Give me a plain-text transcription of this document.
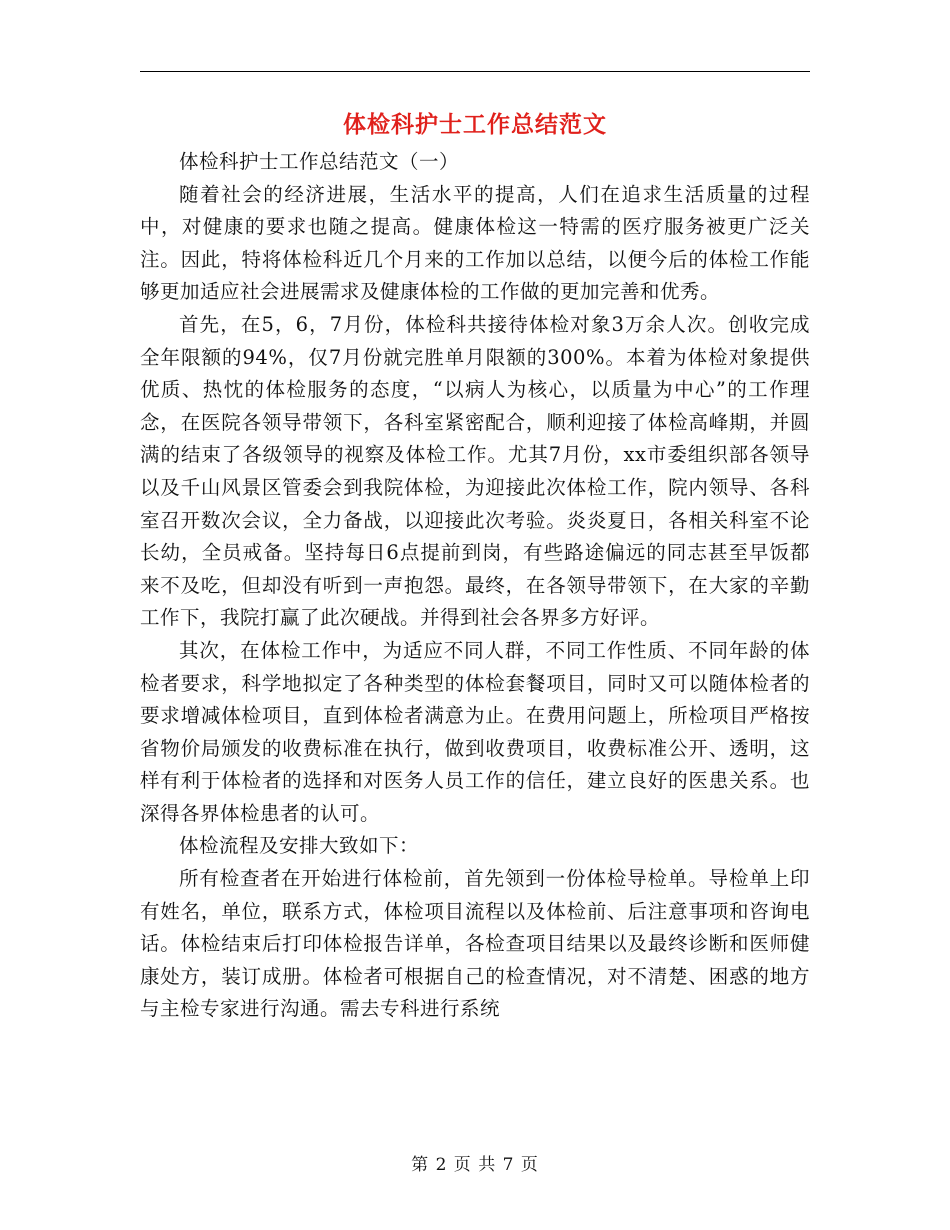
体检科护士工作总结范文

体检科护士工作总结范文（一）

随着社会的经济进展，生活水平的提高，人们在追求生活质量的过程中，对健康的要求也随之提高。健康体检这一特需的医疗服务被更广泛关注。因此，特将体检科近几个月来的工作加以总结，以便今后的体检工作能够更加适应社会进展需求及健康体检的工作做的更加完善和优秀。

首先，在5，6，7月份，体检科共接待体检对象3万余人次。创收完成全年限额的94%，仅7月份就完胜单月限额的300%。本着为体检对象提供优质、热忱的体检服务的态度，“以病人为核心，以质量为中心”的工作理念，在医院各领导带领下，各科室紧密配合，顺利迎接了体检高峰期，并圆满的结束了各级领导的视察及体检工作。尤其7月份，xx市委组织部各领导以及千山风景区管委会到我院体检，为迎接此次体检工作，院内领导、各科室召开数次会议，全力备战，以迎接此次考验。炎炎夏日，各相关科室不论长幼，全员戒备。坚持每日6点提前到岗，有些路途偏远的同志甚至早饭都来不及吃，但却没有听到一声抱怨。最终，在各领导带领下，在大家的辛勤工作下，我院打赢了此次硬战。并得到社会各界多方好评。

其次，在体检工作中，为适应不同人群，不同工作性质、不同年龄的体检者要求，科学地拟定了各种类型的体检套餐项目，同时又可以随体检者的要求增减体检项目，直到体检者满意为止。在费用问题上，所检项目严格按省物价局颁发的收费标准在执行，做到收费项目，收费标准公开、透明，这样有利于体检者的选择和对医务人员工作的信任，建立良好的医患关系。也深得各界体检患者的认可。

体检流程及安排大致如下：

所有检查者在开始进行体检前，首先领到一份体检导检单。导检单上印有姓名，单位，联系方式，体检项目流程以及体检前、后注意事项和咨询电话。体检结束后打印体检报告详单，各检查项目结果以及最终诊断和医师健康处方，装订成册。体检者可根据自己的检查情况，对不清楚、困惑的地方与主检专家进行沟通。需去专科进行系统

第 2 页 共 7 页
